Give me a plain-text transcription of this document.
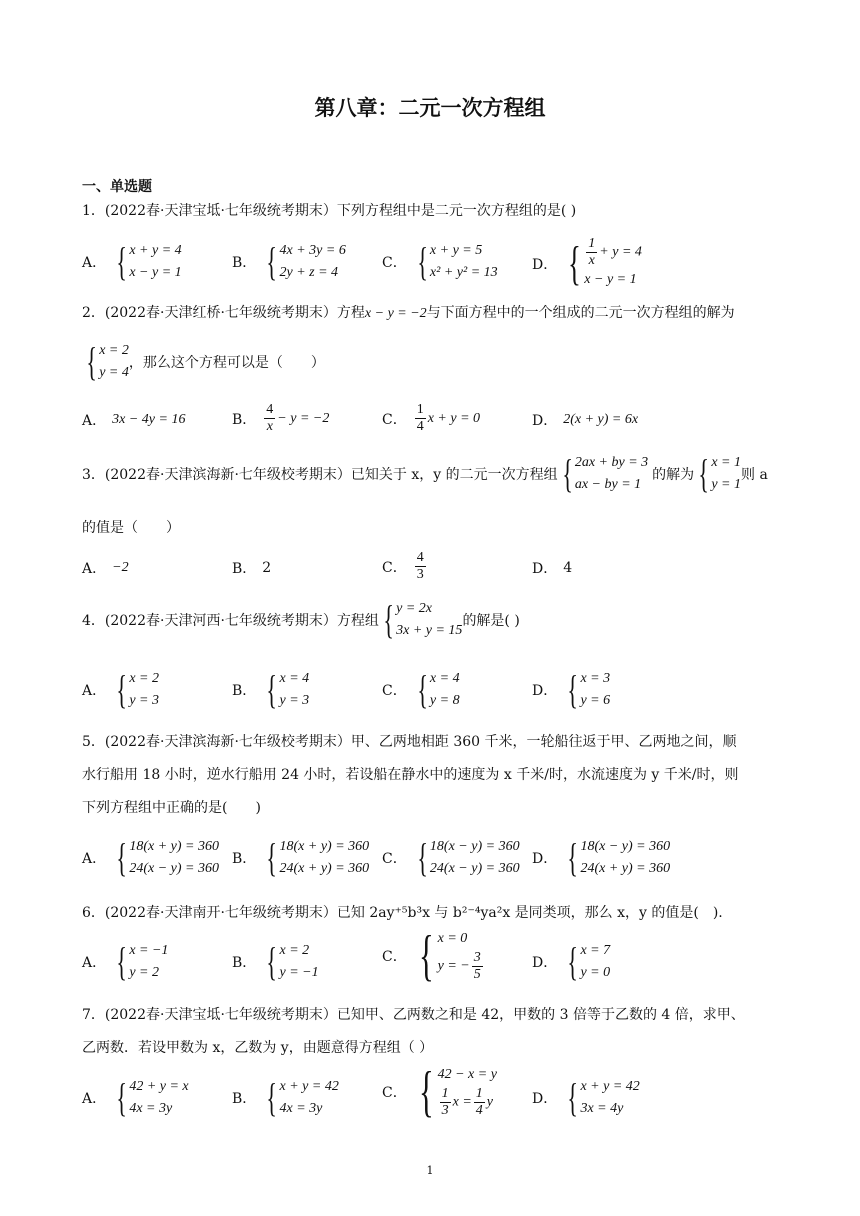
第八章：二元一次方程组
一、单选题
1．(2022春·天津宝坻·七年级统考期末）下列方程组中是二元一次方程组的是( )
A． { x + y = 4
x − y = 1
B． { 4x + 3y = 6
2y + z = 4
C． { x + y = 5
x² + y² = 13 D． { $\frac{1}{x} + y = 4$
x − y = 1
2．(2022春·天津红桥·七年级统考期末）方程x − y = −2与下面方程中的一个组成的二元一次方程组的解为
{ x = 2
y = 4
，那么这个方程可以是（　　）
A． 3x − 4y = 16	B． $\frac{4}{x} - y = -2$	C． $\frac{1}{4}$ x + y = 0	D． 2(x + y) = 6x
3．(2022春·天津滨海新·七年级校考期末）已知关于 x，y 的二元一次方程组 { 2ax + by = 3
ax − by = 1
的解为 { x = 1
y = 1
则 a
的值是（　　）
A． −2	B． 2	C． $\frac{4}{3}$	D． 4
4．(2022春·天津河西·七年级统考期末）方程组 { y = 2x
3x + y = 15
的解是( )
A． { x = 2
y = 3
B． { x = 4
y = 3
C． { x = 4
y = 8
D． { x = 3
y = 6
5．(2022春·天津滨海新·七年级校考期末）甲、乙两地相距 360 千米，一轮船往返于甲、乙两地之间，顺
水行船用 18 小时，逆水行船用 24 小时，若设船在静水中的速度为 x 千米/时，水流速度为 y 千米/时，则
下列方程组中正确的是(　　)
A． { 18(x + y) = 360
24(x − y) = 360
B． { 18(x + y) = 360
24(x + y) = 360
C． { 18(x − y) = 360
24(x − y) = 360
D． { 18(x − y) = 360
24(x + y) = 360
6．(2022春·天津南开·七年级统考期末）已知 2ay⁺⁵b³x 与 b²⁻⁴ya²x 是同类项，那么 x，y 的值是(　).
A． { x = −1
y = 2
B． { x = 2
y = −1
C． { x = 0
y = − $\frac{3}{5}$	D． { x = 7
y = 0
7．(2022春·天津宝坻·七年级统考期末）已知甲、乙两数之和是 42，甲数的 3 倍等于乙数的 4 倍，求甲、
乙两数．若设甲数为 x，乙数为 y，由题意得方程组（ ）
A． { 42 + y = x
4x = 3y
B． { x + y = 42
4x = 3y
C． { 42 − x = y
$\frac{1}{3}$ $x = \frac{1}{4}$ y	D． { x + y = 42
3x = 4y
1
